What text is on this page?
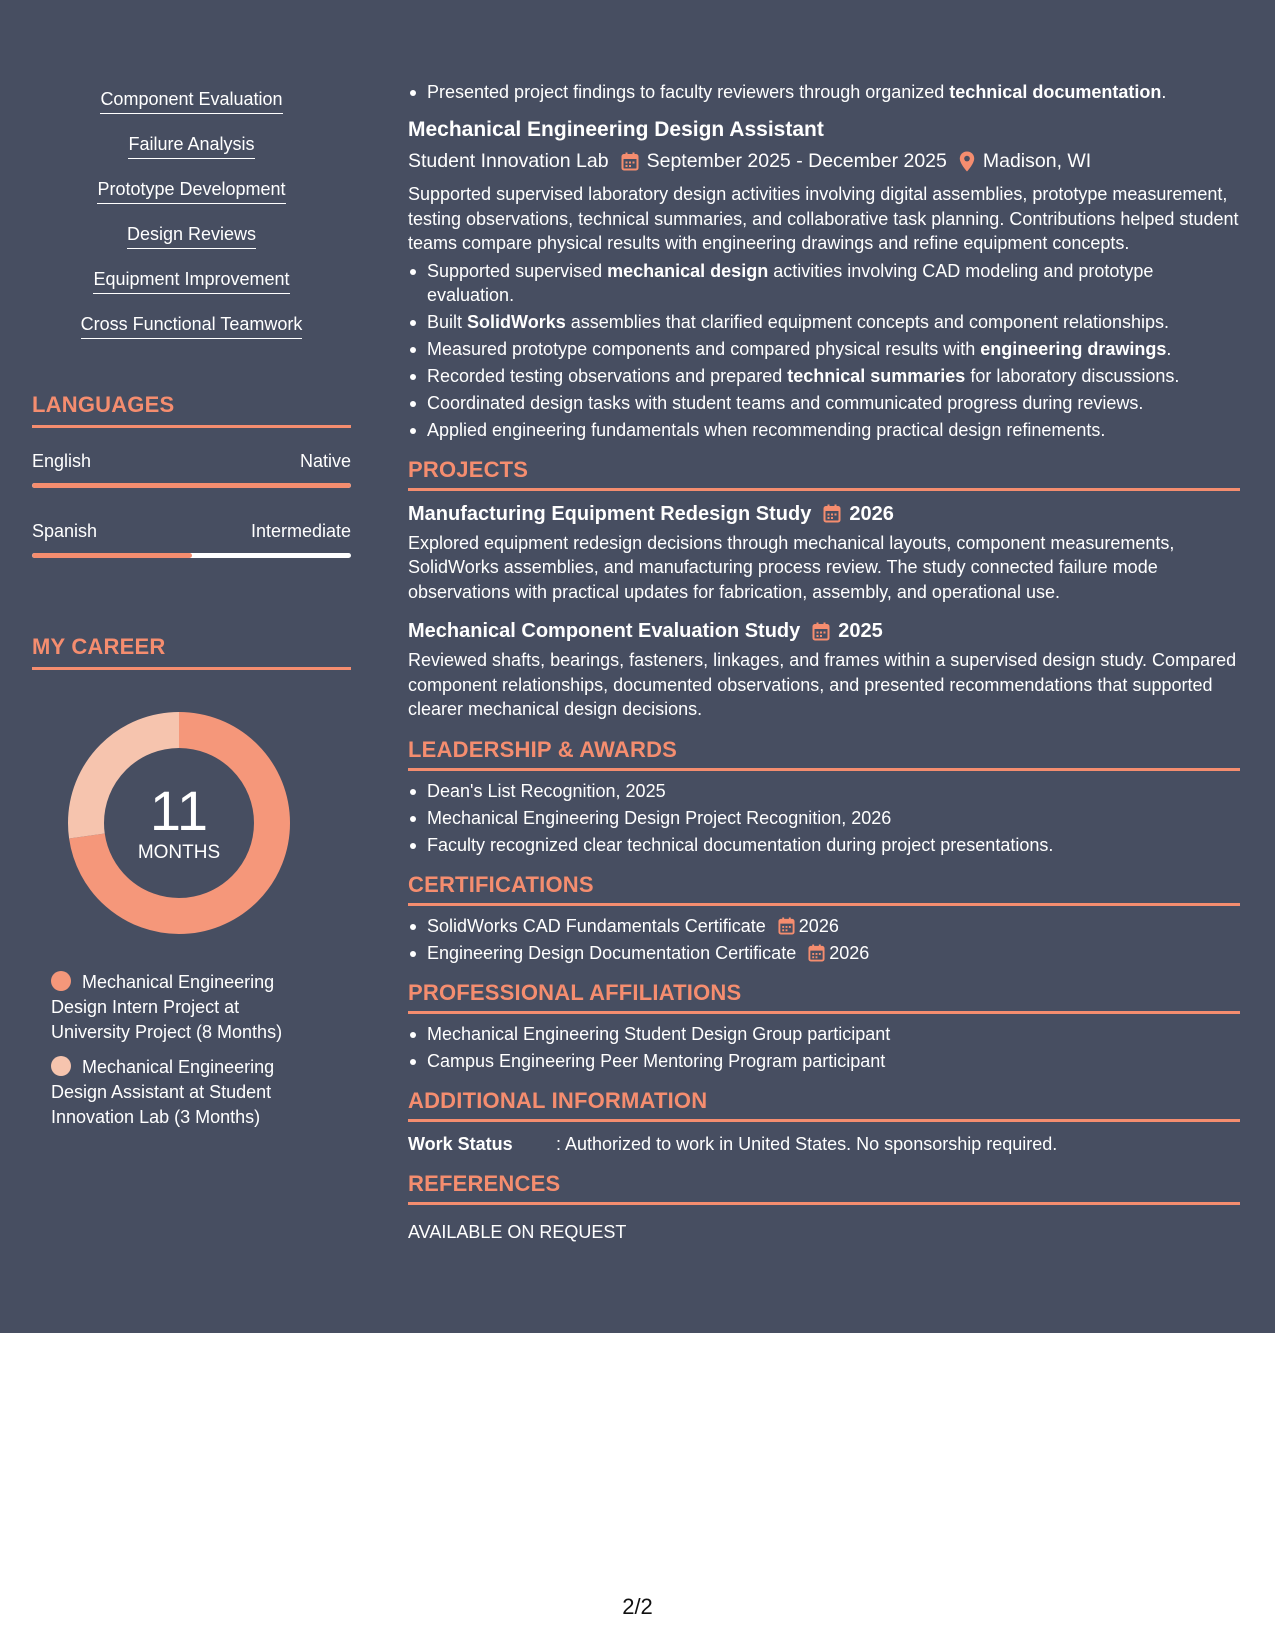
Component Evaluation
Failure Analysis
Prototype Development
Design Reviews
Equipment Improvement
Cross Functional Teamwork
LANGUAGES
English	Native
Spanish	Intermediate
MY CAREER
11
MONTHS
Mechanical Engineering Design Intern Project at University Project (8 Months)
Mechanical Engineering Design Assistant at Student Innovation Lab (3 Months)
Presented project findings to faculty reviewers through organized technical documentation.
Mechanical Engineering Design Assistant
Student Innovation Lab September 2025 - December 2025 Madison, WI
Supported supervised laboratory design activities involving digital assemblies, prototype measurement, testing observations, technical summaries, and collaborative task planning. Contributions helped student teams compare physical results with engineering drawings and refine equipment concepts.
Supported supervised mechanical design activities involving CAD modeling and prototype evaluation.
Built SolidWorks assemblies that clarified equipment concepts and component relationships.
Measured prototype components and compared physical results with engineering drawings.
Recorded testing observations and prepared technical summaries for laboratory discussions.
Coordinated design tasks with student teams and communicated progress during reviews.
Applied engineering fundamentals when recommending practical design refinements.
PROJECTS
Manufacturing Equipment Redesign Study 2026
Explored equipment redesign decisions through mechanical layouts, component measurements, SolidWorks assemblies, and manufacturing process review. The study connected failure mode observations with practical updates for fabrication, assembly, and operational use.
Mechanical Component Evaluation Study 2025
Reviewed shafts, bearings, fasteners, linkages, and frames within a supervised design study. Compared component relationships, documented observations, and presented recommendations that supported clearer mechanical design decisions.
LEADERSHIP & AWARDS
Dean's List Recognition, 2025
Mechanical Engineering Design Project Recognition, 2026
Faculty recognized clear technical documentation during project presentations.
CERTIFICATIONS
SolidWorks CAD Fundamentals Certificate 2026
Engineering Design Documentation Certificate 2026
PROFESSIONAL AFFILIATIONS
Mechanical Engineering Student Design Group participant
Campus Engineering Peer Mentoring Program participant
ADDITIONAL INFORMATION
Work Status	: Authorized to work in United States. No sponsorship required.
REFERENCES
AVAILABLE ON REQUEST
2/2
